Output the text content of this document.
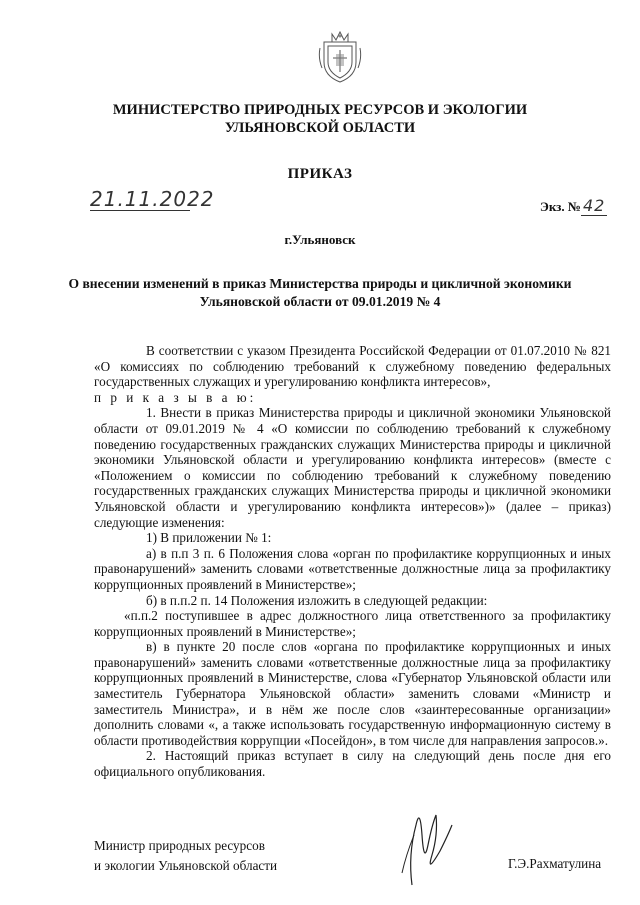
МИНИСТЕРСТВО ПРИРОДНЫХ РЕСУРСОВ И ЭКОЛОГИИ
УЛЬЯНОВСКОЙ ОБЛАСТИ
ПРИКАЗ
21.11.2022	Экз. № 42
г.Ульяновск
О внесении изменений в приказ Министерства природы и цикличной экономики
Ульяновской области от 09.01.2019 № 4

В соответствии с указом Президента Российской Федерации от 01.07.2010 № 821 «О комиссиях по соблюдению требований к служебному поведению федеральных государственных служащих и урегулированию конфликта интересов»,

п р и к а з ы в а ю:

1. Внести в приказ Министерства природы и цикличной экономики Ульяновской области от 09.01.2019 № 4 «О комиссии по соблюдению требований к служебному поведению государственных гражданских служащих Министерства природы и цикличной экономики Ульяновской области и урегулированию конфликта интересов» (вместе с «Положением о комиссии по соблюдению требований к служебному поведению государственных гражданских служащих Министерства природы и цикличной экономики Ульяновской области и урегулированию конфликта интересов»)» (далее – приказ) следующие изменения:

1) В приложении № 1:

а) в п.п 3 п. 6 Положения слова «орган по профилактике коррупционных и иных правонарушений» заменить словами «ответственные должностные лица за профилактику коррупционных проявлений в Министерстве»;

б) в п.п.2 п. 14 Положения изложить в следующей редакции:

«п.п.2 поступившее в адрес должностного лица ответственного за профилактику коррупционных проявлений в Министерстве»;

в) в пункте 20 после слов «органа по профилактике коррупционных и иных правонарушений» заменить словами «ответственные должностные лица за профилактику коррупционных проявлений в Министерстве, слова «Губернатор Ульяновской области или заместитель Губернатора Ульяновской области» заменить словами «Министр и заместитель Министра», и в нём же после слов «заинтересованные организации» дополнить словами «, а также использовать государственную информационную систему в области противодействия коррупции «Посейдон», в том числе для направления запросов.».

2. Настоящий приказ вступает в силу на следующий день после дня его официального опубликования.

Министр природных ресурсов
и экологии Ульяновской области	Г.Э.Рахматулина
